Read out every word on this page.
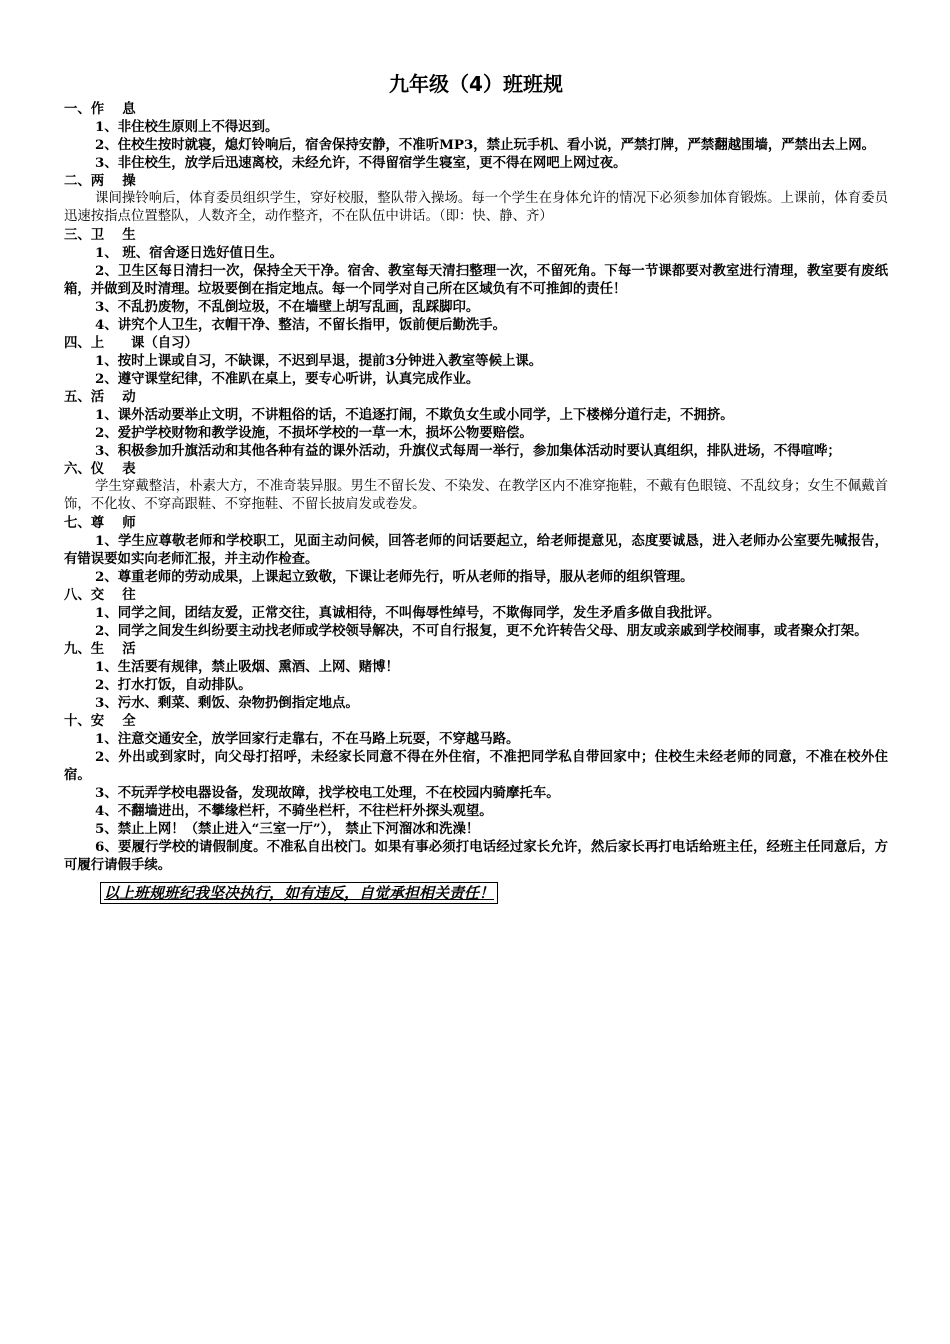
九年级（4）班班规
一、作　 息
1、非住校生原则上不得迟到。
2、住校生按时就寝，熄灯铃响后，宿舍保持安静，不准听MP3，禁止玩手机、看小说，严禁打牌，严禁翻越围墙，严禁出去上网。
3、非住校生，放学后迅速离校，未经允许，不得留宿学生寝室，更不得在网吧上网过夜。
二、两　 操
课间操铃响后，体育委员组织学生，穿好校服，整队带入操场。每一个学生在身体允许的情况下必须参加体育锻炼。上课前，体育委员迅速按指点位置整队，人数齐全，动作整齐，不在队伍中讲话。（即：快、静、齐）
三、卫　 生
1、 班、宿舍逐日选好值日生。
2、卫生区每日清扫一次，保持全天干净。宿舍、教室每天清扫整理一次，不留死角。下每一节课都要对教室进行清理，教室要有废纸箱，并做到及时清理。垃圾要倒在指定地点。每一个同学对自己所在区域负有不可推卸的责任！
3、不乱扔废物，不乱倒垃圾，不在墙壁上胡写乱画，乱踩脚印。
4、讲究个人卫生，衣帽干净、整洁，不留长指甲，饭前便后勤洗手。
四、上　　课（自习）
1、按时上课或自习，不缺课，不迟到早退，提前3分钟进入教室等候上课。
2、遵守课堂纪律，不准趴在桌上，要专心听讲，认真完成作业。
五、活　 动
1、课外活动要举止文明，不讲粗俗的话，不追逐打闹，不欺负女生或小同学，上下楼梯分道行走，不拥挤。
2、爱护学校财物和教学设施，不损坏学校的一草一木，损坏公物要赔偿。
3、积极参加升旗活动和其他各种有益的课外活动，升旗仪式每周一举行，参加集体活动时要认真组织，排队进场，不得喧哗；
六、仪　 表
学生穿戴整洁，朴素大方，不准奇装异服。男生不留长发、不染发、在教学区内不准穿拖鞋，不戴有色眼镜、不乱纹身；女生不佩戴首饰，不化妆、不穿高跟鞋、不穿拖鞋、不留长披肩发或卷发。
七、尊　 师
1、学生应尊敬老师和学校职工，见面主动问候，回答老师的问话要起立，给老师提意见，态度要诚恳，进入老师办公室要先喊报告，有错误要如实向老师汇报，并主动作检查。
2、尊重老师的劳动成果，上课起立致敬，下课让老师先行，听从老师的指导，服从老师的组织管理。
八、交　 往
1、同学之间，团结友爱，正常交往，真诚相待，不叫侮辱性绰号，不欺侮同学，发生矛盾多做自我批评。
2、同学之间发生纠纷要主动找老师或学校领导解决，不可自行报复，更不允许转告父母、朋友或亲戚到学校闹事，或者聚众打架。
九、生　 活
1、生活要有规律，禁止吸烟、熏酒、上网、赌博！
2、打水打饭，自动排队。
3、污水、剩菜、剩饭、杂物扔倒指定地点。
十、安　 全
1、注意交通安全，放学回家行走靠右，不在马路上玩耍，不穿越马路。
2、外出或到家时，向父母打招呼，未经家长同意不得在外住宿，不准把同学私自带回家中；住校生未经老师的同意，不准在校外住宿。
3、不玩弄学校电器设备，发现故障，找学校电工处理，不在校园内骑摩托车。
4、不翻墙进出，不攀缘栏杆，不骑坐栏杆，不往栏杆外探头观望。
5、禁止上网！（禁止进入“三室一厅”）， 禁止下河溜冰和洗澡！
6、要履行学校的请假制度。不准私自出校门。如果有事必须打电话经过家长允许，然后家长再打电话给班主任，经班主任同意后，方可履行请假手续。
以上班规班纪我坚决执行，如有违反，自觉承担相关责任！
